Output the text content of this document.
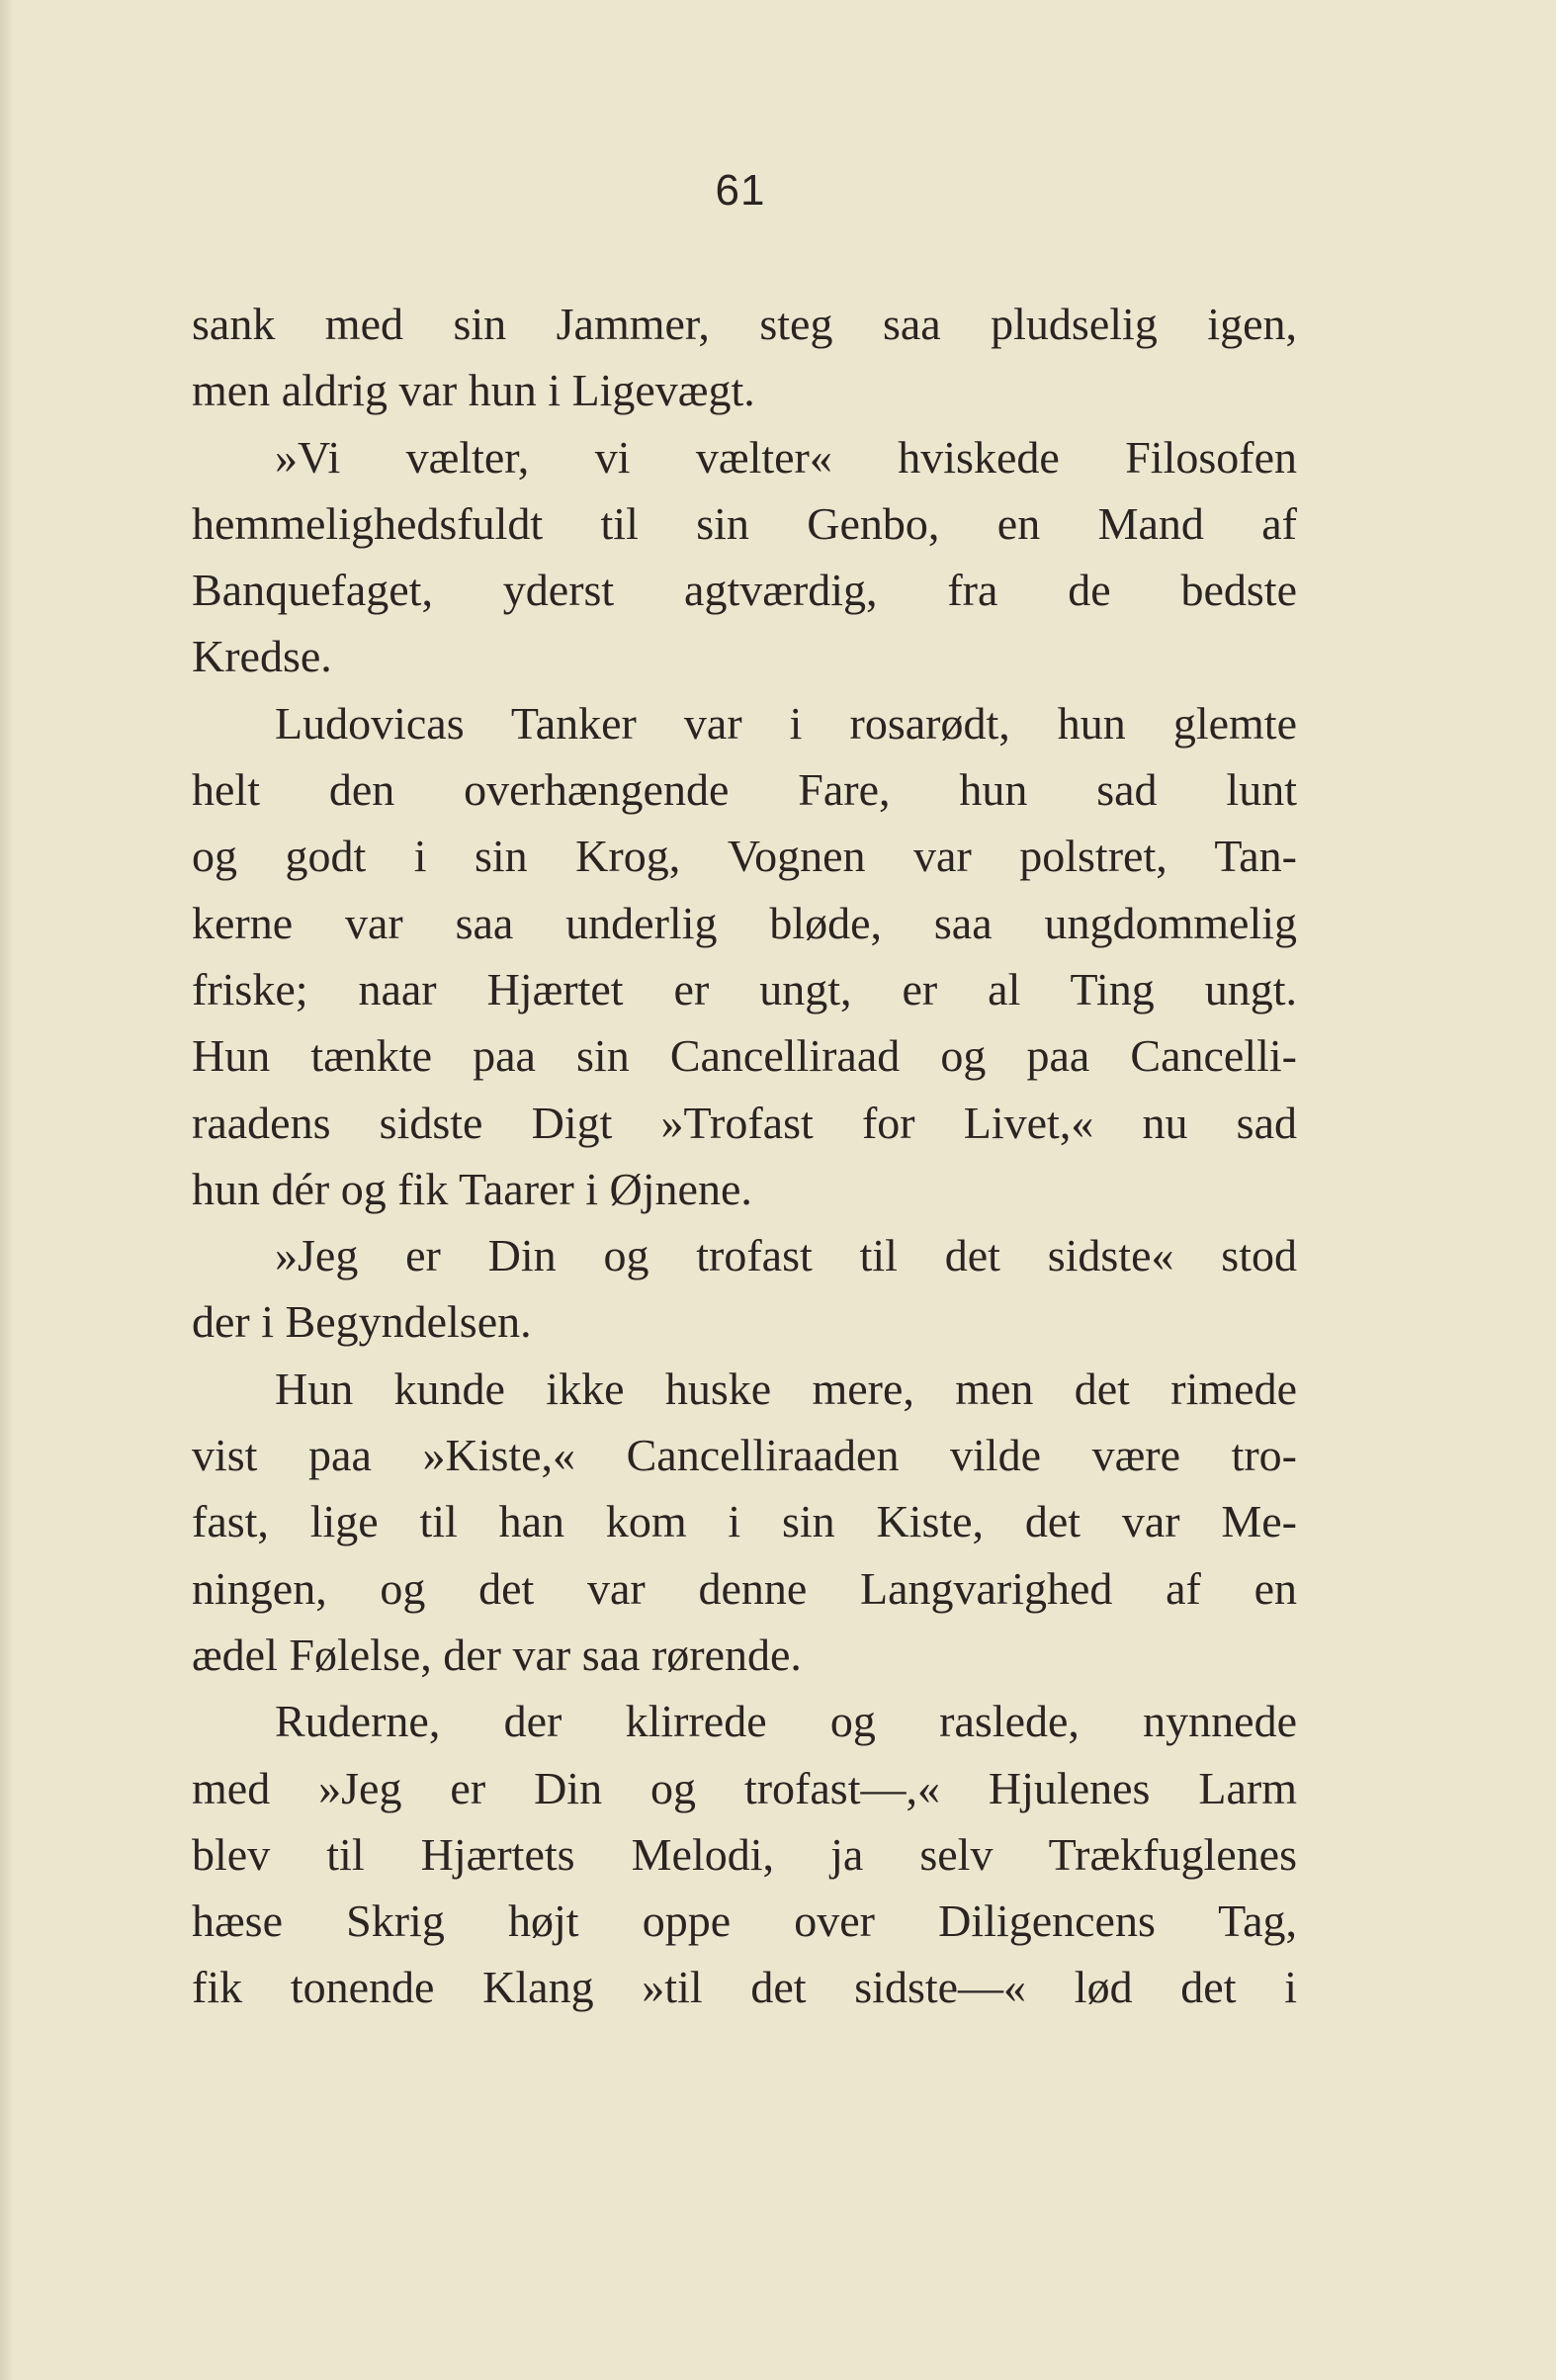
61
sank med sin Jammer, steg saa pludselig igen,
men aldrig var hun i Ligevægt.
»Vi vælter, vi vælter« hviskede Filosofen
hemmelighedsfuldt til sin Genbo, en Mand af
Banquefaget, yderst agtværdig, fra de bedste
Kredse.
Ludovicas Tanker var i rosarødt, hun glemte
helt den overhængende Fare, hun sad lunt
og godt i sin Krog, Vognen var polstret, Tan-
kerne var saa underlig bløde, saa ungdommelig
friske; naar Hjærtet er ungt, er al Ting ungt.
Hun tænkte paa sin Cancelliraad og paa Cancelli-
raadens sidste Digt »Trofast for Livet,« nu sad
hun dér og fik Taarer i Øjnene.
»Jeg er Din og trofast til det sidste« stod
der i Begyndelsen.
Hun kunde ikke huske mere, men det rimede
vist paa »Kiste,« Cancelliraaden vilde være tro-
fast, lige til han kom i sin Kiste, det var Me-
ningen, og det var denne Langvarighed af en
ædel Følelse, der var saa rørende.
Ruderne, der klirrede og raslede, nynnede
med »Jeg er Din og trofast—,« Hjulenes Larm
blev til Hjærtets Melodi, ja selv Trækfuglenes
hæse Skrig højt oppe over Diligencens Tag,
fik tonende Klang »til det sidste—« lød det i
